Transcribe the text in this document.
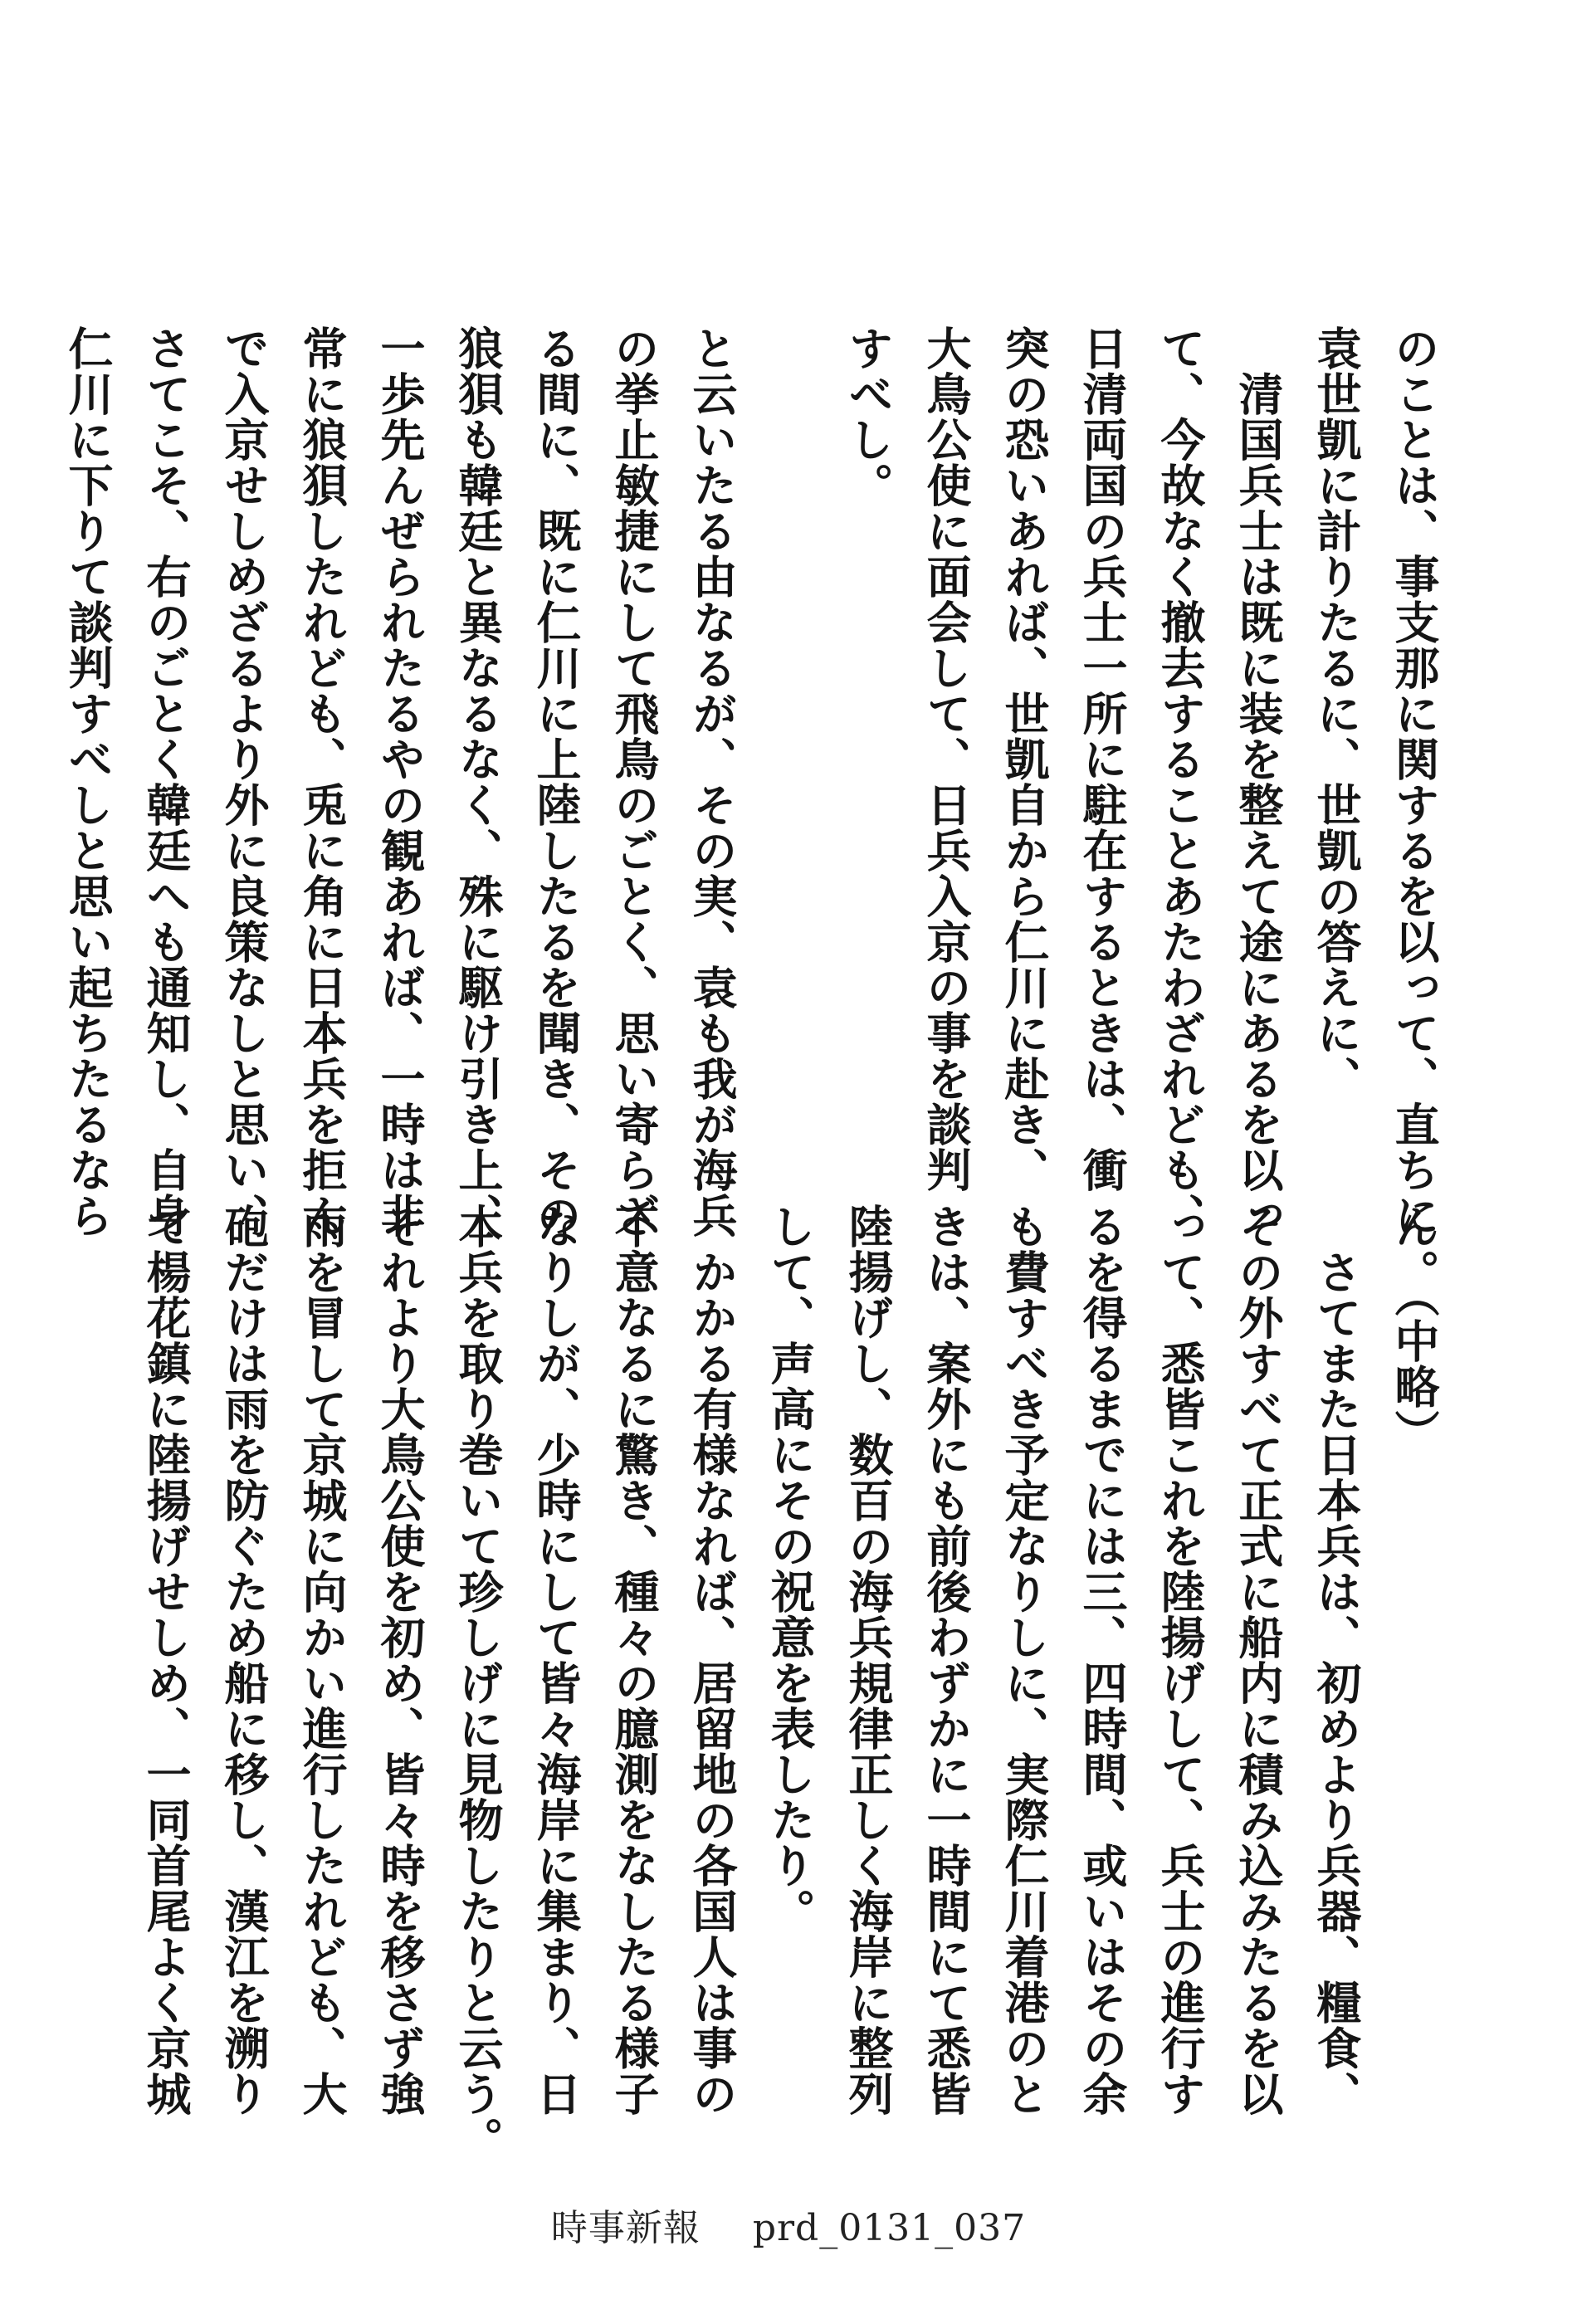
のことは、事支那に関するを以って、直ちに
袁世凱に計りたるに、世凱の答えに、
　清国兵士は既に装を整えて途にあるを以っ
て、今故なく撤去することあたわざれども、
日清両国の兵士一所に駐在するときは、衝
突の恐いあれば、世凱自から仁川に赴き、
大鳥公使に面会して、日兵入京の事を談判
すべし。

と云いたる由なるが、その実、袁も我が海兵
の挙止敏捷にして飛鳥のごとく、思い寄らざ
る間に、既に仁川に上陸したるを聞き、その
狼狽も韓廷と異なるなく、殊に駆け引き上、
一歩先んぜられたるやの観あれば、一時は非
常に狼狽したれども、兎に角に日本兵を拒ん
で入京せしめざるより外に良策なしと思い、
さてこそ、右のごとく韓廷へも通知し、自身
仁川に下りて談判すべしと思い起ちたるなら
ん。（中略）
　さてまた日本兵は、初めより兵器、糧食、
その外すべて正式に船内に積み込みたるを以
って、悉皆これを陸揚げして、兵士の進行す
るを得るまでには三、四時間、或いはその余
も費すべき予定なりしに、実際仁川着港のと
きは、案外にも前後わずかに一時間にて悉皆
陸揚げし、数百の海兵規律正しく海岸に整列
して、声高にその祝意を表したり。
　かかる有様なれば、居留地の各国人は事の
不意なるに驚き、種々の臆測をなしたる様子
なりしが、少時にして皆々海岸に集まり、日
本兵を取り巻いて珍しげに見物したりと云う。
それより大鳥公使を初め、皆々時を移さず強
雨を冒して京城に向かい進行したれども、大
砲だけは雨を防ぐため船に移し、漢江を溯り
て楊花鎮に陸揚げせしめ、一同首尾よく京城
時事新報 prd_0131_037
